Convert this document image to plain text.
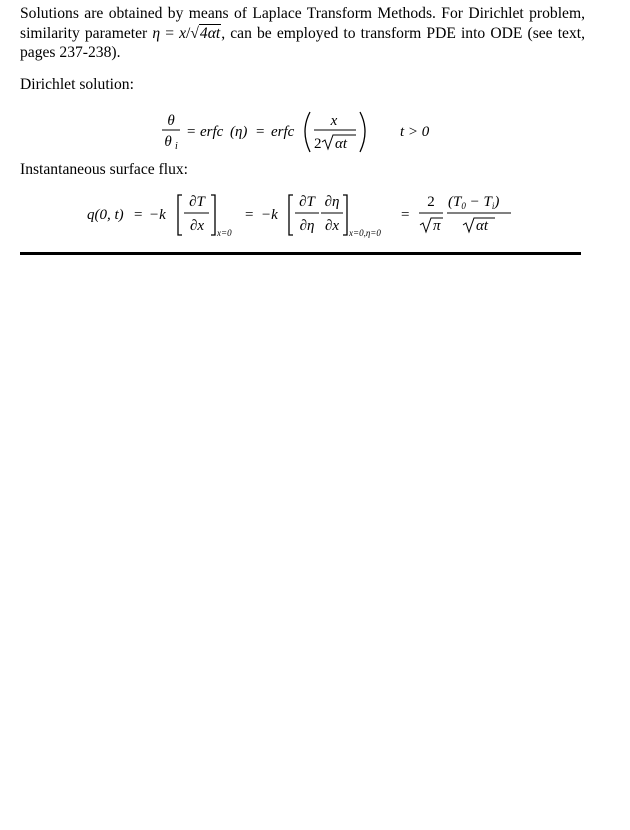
Solutions are obtained by means of Laplace Transform Methods. For Dirichlet problem, similarity parameter η = x/√4αt, can be employed to transform PDE into ODE (see text, pages 237-238).

Dirichlet solution:

θ
θ i
= erfc (η) = erfc
x
2 αt
t > 0

Instantaneous surface flux:

q(0, t) = −k
∂T
∂x x=0
= −k
∂T
∂η
∂η
∂x x=0,η=0
=
2
π
$(T_0 - T_i)$
αt
